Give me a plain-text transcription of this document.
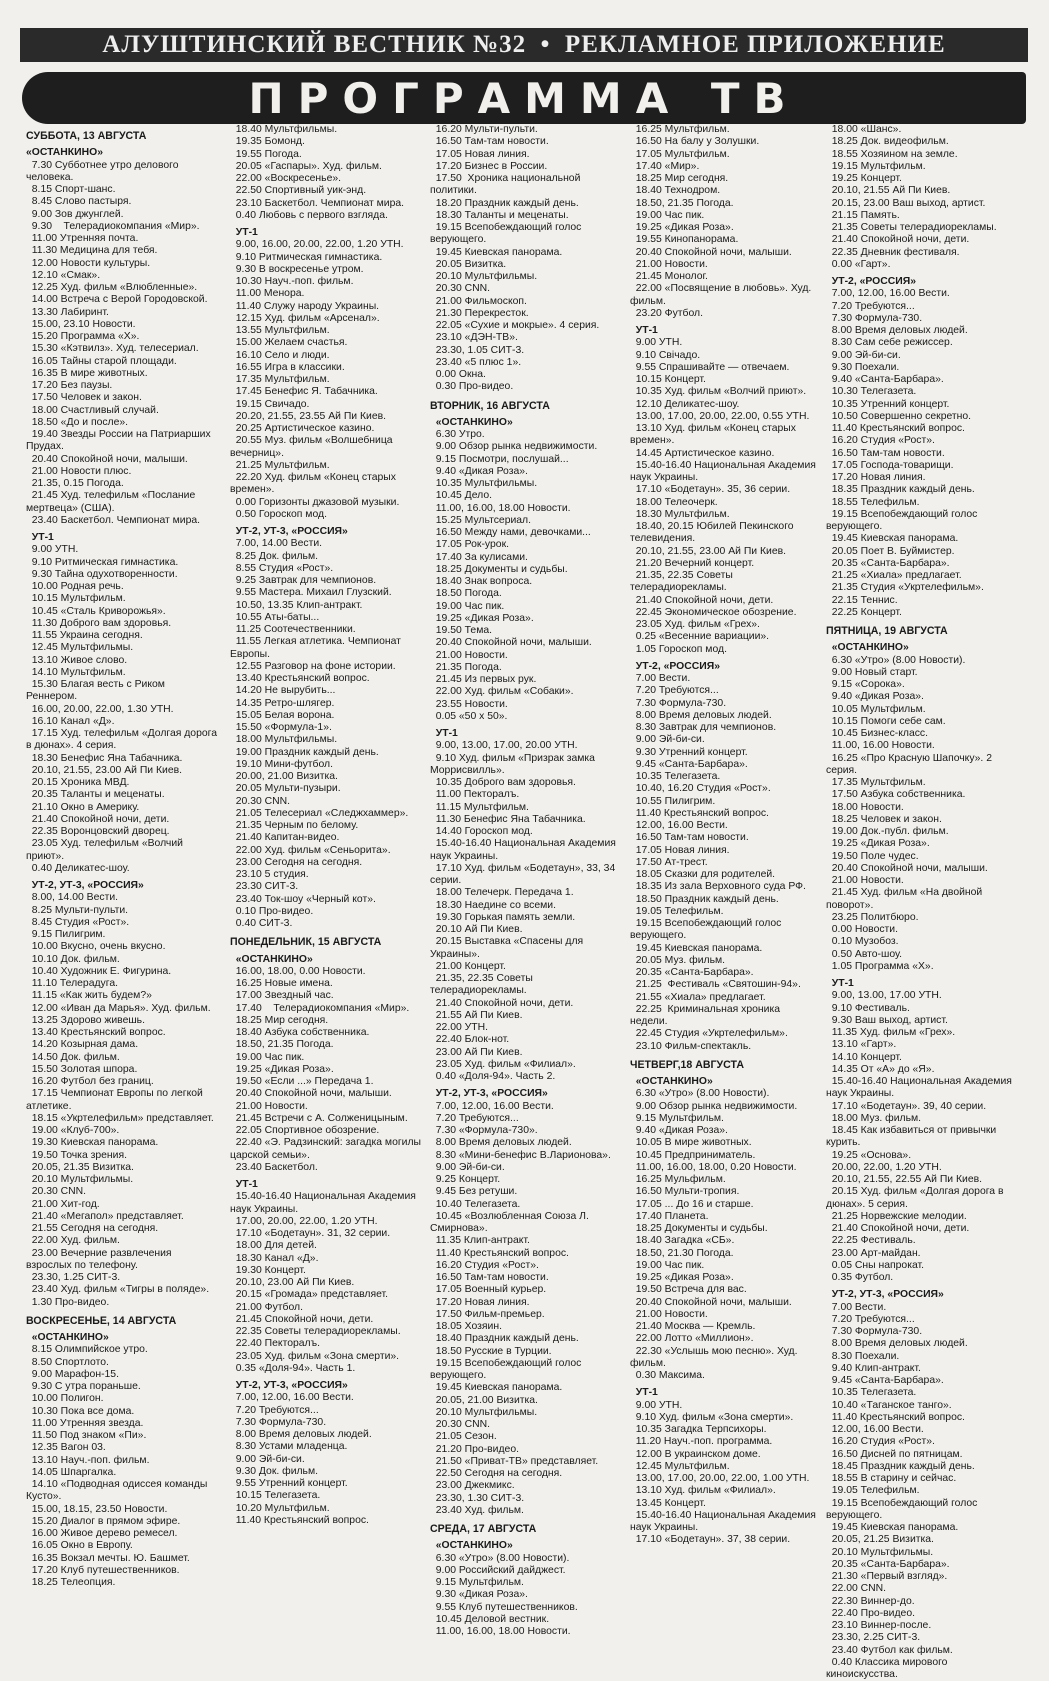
АЛУШТИНСКИЙ ВЕСТНИК №32  •  РЕКЛАМНОЕ ПРИЛОЖЕНИЕ
ПРОГРАММА ТВ
СУББОТА, 13 АВГУСТА
«ОСТАНКИНО»
7.30 Субботнее утро делового человека.
8.15 Спорт-шанс.
8.45 Слово пастыря.
9.00 Зов джунглей.
9.30    Телерадиокомпания «Мир».
11.00 Утренняя почта.
11.30 Медицина для тебя.
12.00 Новости культуры.
12.10 «Смак».
12.25 Худ. фильм «Влюбленные».
14.00 Встреча с Верой Городовской.
13.30 Лабиринт.
15.00, 23.10 Новости.
15.20 Программа «Х».
15.30 «Кэтвилз». Худ. телесериал.
16.05 Тайны старой площади.
16.35 В мире животных.
17.20 Без паузы.
17.50 Человек и закон.
18.00 Счастливый случай.
18.50 «До и после».
19.40 Звезды России на Патриарших Прудах.
20.40 Спокойной ночи, малыши.
21.00 Новости плюс.
21.35, 0.15 Погода.
21.45 Худ. телефильм «Послание мертвеца» (США).
23.40 Баскетбол. Чемпионат мира.
УТ-1
9.00 УТН.
9.10 Ритмическая гимнастика.
9.30 Тайна одухотворенности.
10.00 Родная речь.
10.15 Мультфильм.
10.45 «Сталь Криворожья».
11.30 Доброго вам здоровья.
11.55 Украина сегодня.
12.45 Мультфильмы.
13.10 Живое слово.
14.10 Мультфильм.
15.30 Благая весть с Риком Реннером.
16.00, 20.00, 22.00, 1.30 УТН.
16.10 Канал «Д».
17.15 Худ. телефильм «Долгая дорога в дюнах». 4 серия.
18.30 Бенефис Яна Табачника.
20.10, 21.55, 23.00 Ай Пи Киев.
20.15 Хроника МВД.
20.35 Таланты и меценаты.
21.10 Окно в Америку.
21.40 Спокойной ночи, дети.
22.35 Воронцовский дворец.
23.05 Худ. телефильм «Волчий приют».
0.40 Деликатес-шоу.
УТ-2, УТ-3, «РОССИЯ»
8.00, 14.00 Вести.
8.25 Мульти-пульти.
8.45 Студия «Рост».
9.15 Пилигрим.
10.00 Вкусно, очень вкусно.
10.10 Док. фильм.
10.40 Художник Е. Фигурина.
11.10 Телерадуга.
11.15 «Как жить будем?»
12.00 «Иван да Марья». Худ. фильм.
13.25 Здорово живешь.
13.40 Крестьянский вопрос.
14.20 Козырная дама.
14.50 Док. фильм.
15.50 Золотая шпора.
16.20 Футбол без границ.
17.15 Чемпионат Европы по легкой атлетике.
18.15 «Укртелефильм» представляет.
19.00 «Клуб-700».
19.30 Киевская панорама.
19.50 Точка зрения.
20.05, 21.35 Визитка.
20.10 Мультфильмы.
20.30 CNN.
21.00 Хит-год.
21.40 «Мегапол» представляет.
21.55 Сегодня на сегодня.
22.00 Худ. фильм.
23.00 Вечерние развлечения взрослых по телефону.
23.30, 1.25 СИТ-3.
23.40 Худ. фильм «Тигры в поляде».
1.30 Про-видео.
ВОСКРЕСЕНЬЕ, 14 АВГУСТА
«ОСТАНКИНО»
8.15 Олимпийское утро.
8.50 Спортлото.
9.00 Марафон-15.
9.30 С утра пораньше.
10.00 Полигон.
10.30 Пока все дома.
11.00 Утренняя звезда.
11.50 Под знаком «Пи».
12.35 Вагон 03.
13.10 Науч.-поп. фильм.
14.05 Шпаргалка.
14.10 «Подводная одиссея команды Кусто».
15.00, 18.15, 23.50 Новости.
15.20 Диалог в прямом эфире.
16.00 Живое дерево ремесел.
16.05 Окно в Европу.
16.35 Вокзал мечты. Ю. Башмет.
17.20 Клуб путешественников.
18.25 Телеопция.
18.40 Мультфильмы.
19.35 Бомонд.
19.55 Погода.
20.05 «Гаспары». Худ. фильм.
22.00 «Воскресенье».
22.50 Спортивный уик-энд.
23.10 Баскетбол. Чемпионат мира.
0.40 Любовь с первого взгляда.
УТ-1
9.00, 16.00, 20.00, 22.00, 1.20 УТН.
9.10 Ритмическая гимнастика.
9.30 В воскресенье утром.
10.30 Науч.-поп. фильм.
11.00 Менора.
11.40 Служу народу Украины.
12.15 Худ. фильм «Арсенал».
13.55 Мультфильм.
15.00 Желаем счастья.
16.10 Село и люди.
16.55 Игра в классики.
17.35 Мультфильм.
17.45 Бенефис Я. Табачника.
19.15 Свичадо.
20.20, 21.55, 23.55 Ай Пи Киев.
20.25 Артистическое казино.
20.55 Муз. фильм «Волшебница вечерниц».
21.25 Мультфильм.
22.20 Худ. фильм «Конец старых времен».
0.00 Горизонты джазовой музыки.
0.50 Гороскоп мод.
УТ-2, УТ-3, «РОССИЯ»
7.00, 14.00 Вести.
8.25 Док. фильм.
8.55 Студия «Рост».
9.25 Завтрак для чемпионов.
9.55 Мастера. Михаил Глузский.
10.50, 13.35 Клип-антракт.
10.55 Аты-баты...
11.25 Соотечественники.
11.55 Легкая атлетика. Чемпионат Европы.
12.55 Разговор на фоне истории.
13.40 Крестьянский вопрос.
14.20 Не вырубить...
14.35 Ретро-шлягер.
15.05 Белая ворона.
15.50 «Формула-1».
18.00 Мультфильмы.
19.00 Праздник каждый день.
19.10 Мини-футбол.
20.00, 21.00 Визитка.
20.05 Мульти-пузыри.
20.30 CNN.
21.05 Телесериал «Следжхаммер».
21.35 Черным по белому.
21.40 Капитан-видео.
22.00 Худ. фильм «Сеньорита».
23.00 Сегодня на сегодня.
23.10 5 студия.
23.30 СИТ-3.
23.40 Ток-шоу «Черный кот».
0.10 Про-видео.
0.40 СИТ-3.
ПОНЕДЕЛЬНИК, 15 АВГУСТА
«ОСТАНКИНО»
16.00, 18.00, 0.00 Новости.
16.25 Новые имена.
17.00 Звездный час.
17.40    Телерадиокомпания «Мир».
18.25 Мир сегодня.
18.40 Азбука собственника.
18.50, 21.35 Погода.
19.00 Час пик.
19.25 «Дикая Роза».
19.50 «Если ...» Передача 1.
20.40 Спокойной ночи, малыши.
21.00 Новости.
21.45 Встречи с А. Солженицыным.
22.05 Спортивное обозрение.
22.40 «Э. Радзинский: загадка могилы царской семьи».
23.40 Баскетбол.
УТ-1
15.40-16.40 Национальная Академия наук Украины.
17.00, 20.00, 22.00, 1.20 УТН.
17.10 «Бодетаун». 31, 32 серии.
18.00 Для детей.
18.30 Канал «Д».
19.30 Концерт.
20.10, 23.00 Ай Пи Киев.
20.15 «Громада» представляет.
21.00 Футбол.
21.45 Спокойной ночи, дети.
22.35 Советы телерадиорекламы.
22.40 Пекторалъ.
23.05 Худ. фильм «Зона смерти».
0.35 «Доля-94». Часть 1.
УТ-2, УТ-3, «РОССИЯ»
7.00, 12.00, 16.00 Вести.
7.20 Требуются...
7.30 Формула-730.
8.00 Время деловых людей.
8.30 Устами младенца.
9.00 Эй-би-си.
9.30 Док. фильм.
9.55 Утренний концерт.
10.15 Телегазета.
10.20 Мультфильм.
11.40 Крестьянский вопрос.
16.20 Мульти-пульти.
16.50 Там-там новости.
17.05 Новая линия.
17.20 Бизнес в России.
17.50  Хроника национальной политики.
18.20 Праздник каждый день.
18.30 Таланты и меценаты.
19.15 Всепобеждающий голос верующего.
19.45 Киевская панорама.
20.05 Визитка.
20.10 Мультфильмы.
20.30 CNN.
21.00 Фильмоскоп.
21.30 Перекресток.
22.05 «Сухие и мокрые». 4 серия.
23.10 «ДЭН-ТВ».
23.30, 1.05 СИТ-3.
23.40 «5 плюс 1».
0.00 Окна.
0.30 Про-видео.
ВТОРНИК, 16 АВГУСТА
«ОСТАНКИНО»
6.30 Утро.
9.00 Обзор рынка недвижимости.
9.15 Посмотри, послушай...
9.40 «Дикая Роза».
10.35 Мультфильмы.
10.45 Дело.
11.00, 16.00, 18.00 Новости.
15.25 Мультсериал.
16.50 Между нами, девочками...
17.05 Рок-урок.
17.40 За кулисами.
18.25 Документы и судьбы.
18.40 Знак вопроса.
18.50 Погода.
19.00 Час пик.
19.25 «Дикая Роза».
19.50 Тема.
20.40 Спокойной ночи, малыши.
21.00 Новости.
21.35 Погода.
21.45 Из первых рук.
22.00 Худ. фильм «Собаки».
23.55 Новости.
0.05 «50 х 50».
УТ-1
9.00, 13.00, 17.00, 20.00 УТН.
9.10 Худ. фильм «Призрак замка Моррисвилль».
10.35 Доброго вам здоровья.
11.00 Пекторалъ.
11.15 Мультфильм.
11.30 Бенефис Яна Табачника.
14.40 Гороскоп мод.
15.40-16.40 Национальная Академия наук Украины.
17.10 Худ. фильм «Бодетаун», 33, 34 серии.
18.00 Телечерк. Передача 1.
18.30 Наедине со всеми.
19.30 Горькая память земли.
20.10 Ай Пи Киев.
20.15 Выставка «Спасены для Украины».
21.00 Концерт.
21.35, 22.35 Советы телерадиорекламы.
21.40 Спокойной ночи, дети.
21.55 Ай Пи Киев.
22.00 УТН.
22.40 Блок-нот.
23.00 Ай Пи Киев.
23.05 Худ. фильм «Филиал».
0.40 «Доля-94». Часть 2.
УТ-2, УТ-3, «РОССИЯ»
7.00, 12.00, 16.00 Вести.
7.20 Требуются...
7.30 «Формула-730».
8.00 Время деловых людей.
8.30 «Мини-бенефис В.Ларионова».
9.00 Эй-би-си.
9.25 Концерт.
9.45 Без ретуши.
10.40 Телегазета.
10.45 «Возлюбленная Союза Л. Смирнова».
11.35 Клип-антракт.
11.40 Крестьянский вопрос.
16.20 Студия «Рост».
16.50 Там-там новости.
17.05 Военный курьер.
17.20 Новая линия.
17.50 Фильм-премьер.
18.05 Хозяин.
18.40 Праздник каждый день.
18.50 Русские в Турции.
19.15 Всепобеждающий голос верующего.
19.45 Киевская панорама.
20.05, 21.00 Визитка.
20.10 Мультфильмы.
20.30 CNN.
21.05 Сезон.
21.20 Про-видео.
21.50 «Приват-ТВ» представляет.
22.50 Сегодня на сегодня.
23.00 Джекмикс.
23.30, 1.30 СИТ-3.
23.40 Худ. фильм.
СРЕДА, 17 АВГУСТА
«ОСТАНКИНО»
6.30 «Утро» (8.00 Новости).
9.00 Российский дайджест.
9.15 Мультфильм.
9.30 «Дикая Роза».
9.55 Клуб путешественников.
10.45 Деловой вестник.
11.00, 16.00, 18.00 Новости.
16.25 Мультфильм.
16.50 На балу у Золушки.
17.05 Мультфильм.
17.40 «Мир».
18.25 Мир сегодня.
18.40 Технодром.
18.50, 21.35 Погода.
19.00 Час пик.
19.25 «Дикая Роза».
19.55 Кинопанорама.
20.40 Спокойной ночи, малыши.
21.00 Новости.
21.45 Монолог.
22.00 «Посвящение в любовь». Худ. фильм.
23.20 Футбол.
УТ-1
9.00 УТН.
9.10 Свічадо.
9.55 Спрашивайте — отвечаем.
10.15 Концерт.
10.35 Худ. фильм «Волчий приют».
12.10 Деликатес-шоу.
13.00, 17.00, 20.00, 22.00, 0.55 УТН.
13.10 Худ. фильм «Конец старых времен».
14.45 Артистическое казино.
15.40-16.40 Национальная Академия наук Украины.
17.10 «Бодетаун». 35, 36 серии.
18.00 Телеочерк.
18.30 Мультфильм.
18.40, 20.15 Юбилей Пекинского телевидения.
20.10, 21.55, 23.00 Ай Пи Киев.
21.20 Вечерний концерт.
21.35, 22.35 Советы телерадиорекламы.
21.40 Спокойной ночи, дети.
22.45 Экономическое обозрение.
23.05 Худ. фильм «Грех».
0.25 «Весенние вариации».
1.05 Гороскоп мод.
УТ-2, «РОССИЯ»
7.00 Вести.
7.20 Требуются...
7.30 Формула-730.
8.00 Время деловых людей.
8.30 Завтрак для чемпионов.
9.00 Эй-би-си.
9.30 Утренний концерт.
9.45 «Санта-Барбара».
10.35 Телегазета.
10.40, 16.20 Студия «Рост».
10.55 Пилигрим.
11.40 Крестьянский вопрос.
12.00, 16.00 Вести.
16.50 Там-там новости.
17.05 Новая линия.
17.50 Ат-трест.
18.05 Сказки для родителей.
18.35 Из зала Верховного суда РФ.
18.50 Праздник каждый день.
19.05 Телефильм.
19.15 Всепобеждающий голос верующего.
19.45 Киевская панорама.
20.05 Муз. фильм.
20.35 «Санта-Барбара».
21.25  Фестиваль «Святошин-94».
21.55 «Хиала» предлагает.
22.25  Криминальная хроника недели.
22.45 Студия «Укртелефильм».
23.10 Фильм-спектакль.
ЧЕТВЕРГ,18 АВГУСТА
«ОСТАНКИНО»
6.30 «Утро» (8.00 Новости).
9.00 Обзор рынка недвижимости.
9.15 Мультфильм.
9.40 «Дикая Роза».
10.05 В мире животных.
10.45 Предприниматель.
11.00, 16.00, 18.00, 0.20 Новости.
16.25 Мульфильм.
16.50 Мульти-тропия.
17.05 ... До 16 и старше.
17.40 Планета.
18.25 Документы и судьбы.
18.40 Загадка «СБ».
18.50, 21.30 Погода.
19.00 Час пик.
19.25 «Дикая Роза».
19.50 Встреча для вас.
20.40 Спокойной ночи, малыши.
21.00 Новости.
21.40 Москва — Кремль.
22.00 Лотто «Миллион».
22.30 «Услышь мою песню». Худ. фильм.
0.30 Максима.
УТ-1
9.00 УТН.
9.10 Худ. фильм «Зона смерти».
10.35 Загадка Терпсихоры.
11.20 Науч.-поп. программа.
12.00 В украинском доме.
12.45 Мультфильм.
13.00, 17.00, 20.00, 22.00, 1.00 УТН.
13.10 Худ. фильм «Филиал».
13.45 Концерт.
15.40-16.40 Национальная Академия наук Украины.
17.10 «Бодетаун». 37, 38 серии.
18.00 «Шанс».
18.25 Док. видеофильм.
18.55 Хозяином на земле.
19.15 Мультфильм.
19.25 Концерт.
20.10, 21.55 Ай Пи Киев.
20.15, 23.00 Ваш выход, артист.
21.15 Память.
21.35 Советы телерадиорекламы.
21.40 Спокойной ночи, дети.
22.35 Дневник фестиваля.
0.00 «Гарт».
УТ-2, «РОССИЯ»
7.00, 12.00, 16.00 Вести.
7.20 Требуются...
7.30 Формула-730.
8.00 Время деловых людей.
8.30 Сам себе режиссер.
9.00 Эй-би-си.
9.30 Поехали.
9.40 «Санта-Барбара».
10.30 Телегазета.
10.35 Утренний концерт.
10.50 Совершенно секретно.
11.40 Крестьянский вопрос.
16.20 Студия «Рост».
16.50 Там-там новости.
17.05 Господа-товарищи.
17.20 Новая линия.
18.35 Праздник каждый день.
18.55 Телефильм.
19.15 Всепобеждающий голос верующего.
19.45 Киевская панорама.
20.05 Поет В. Буймистер.
20.35 «Санта-Барбара».
21.25 «Хиала» предлагает.
21.35 Студия «Укртелефильм».
22.15 Теннис.
22.25 Концерт.
ПЯТНИЦА, 19 АВГУСТА
«ОСТАНКИНО»
6.30 «Утро» (8.00 Новости).
9.00 Новый старт.
9.15 «Сорока».
9.40 «Дикая Роза».
10.05 Мультфильм.
10.15 Помоги себе сам.
10.45 Бизнес-класс.
11.00, 16.00 Новости.
16.25 «Про Красную Шапочку». 2 серия.
17.35 Мультфильм.
17.50 Азбука собственника.
18.00 Новости.
18.25 Человек и закон.
19.00 Док.-публ. фильм.
19.25 «Дикая Роза».
19.50 Поле чудес.
20.40 Спокойной ночи, малыши.
21.00 Новости.
21.45 Худ. фильм «На двойной поворот».
23.25 Политбюро.
0.00 Новости.
0.10 Музобоз.
0.50 Авто-шоу.
1.05 Программа «Х».
УТ-1
9.00, 13.00, 17.00 УТН.
9.10 Фестиваль.
9.30 Ваш выход, артист.
11.35 Худ. фильм «Грех».
13.10 «Гарт».
14.10 Концерт.
14.35 От «А» до «Я».
15.40-16.40 Национальная Академия наук Украины.
17.10 «Бодетаун». 39, 40 серии.
18.00 Муз. фильм.
18.45 Как избавиться от привычки курить.
19.25 «Основа».
20.00, 22.00, 1.20 УТН.
20.10, 21.55, 22.55 Ай Пи Киев.
20.15 Худ. фильм «Долгая дорога в дюнах». 5 серия.
21.25 Норвежские мелодии.
21.40 Спокойной ночи, дети.
22.25 Фестиваль.
23.00 Арт-майдан.
0.05 Сны напрокат.
0.35 Футбол.
УТ-2, УТ-3, «РОССИЯ»
7.00 Вести.
7.20 Требуются...
7.30 Формула-730.
8.00 Время деловых людей.
8.30 Поехали.
9.40 Клип-антракт.
9.45 «Санта-Барбара».
10.35 Телегазета.
10.40 «Таганское танго».
11.40 Крестьянский вопрос.
12.00, 16.00 Вести.
16.20 Студия «Рост».
16.50 Дисней по пятницам.
18.45 Праздник каждый день.
18.55 В старину и сейчас.
19.05 Телефильм.
19.15 Всепобеждающий голос верующего.
19.45 Киевская панорама.
20.05, 21.25 Визитка.
20.10 Мультфильмы.
20.35 «Санта-Барбара».
21.30 «Первый взгляд».
22.00 CNN.
22.30 Виннер-до.
22.40 Про-видео.
23.10 Виннер-после.
23.30, 2.25 СИТ-3.
23.40 Футбол как фильм.
0.40 Классика мирового киноискусства.
